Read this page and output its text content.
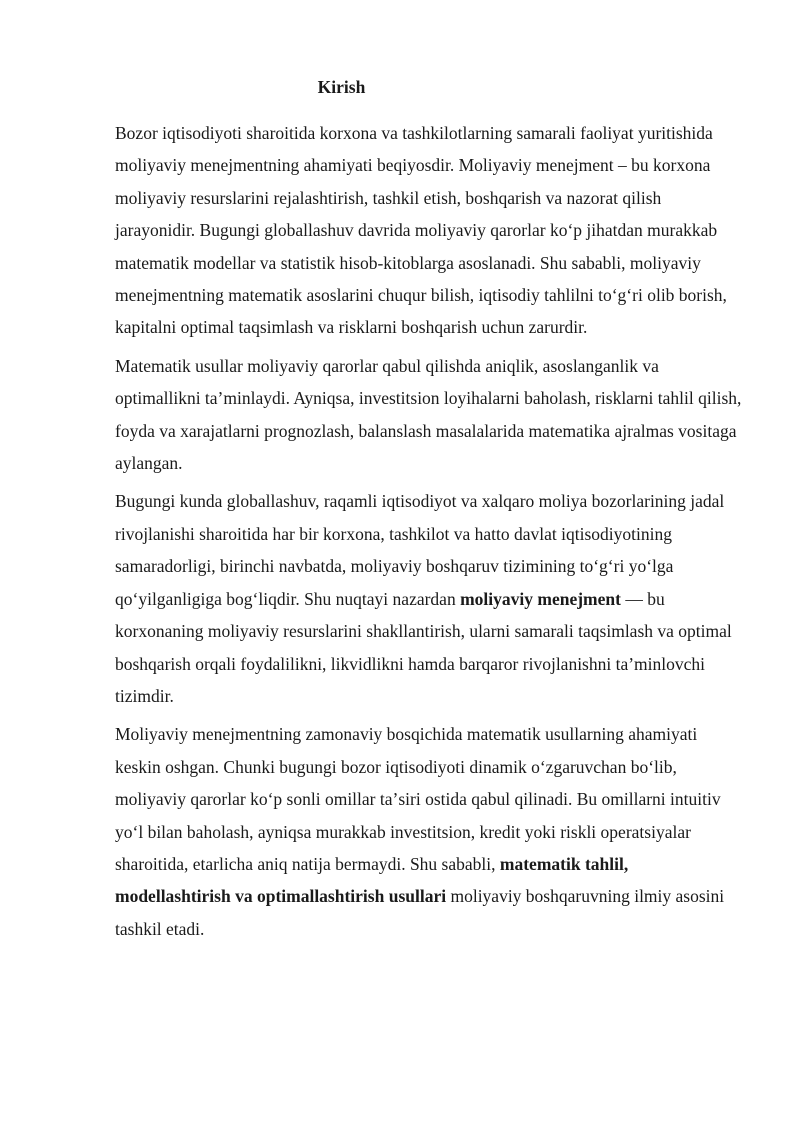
Kirish

Bozor iqtisodiyoti sharoitida korxona va tashkilotlarning samarali faoliyat yuritishida moliyaviy menejmentning ahamiyati beqiyosdir. Moliyaviy menejment – bu korxona moliyaviy resurslarini rejalashtirish, tashkil etish, boshqarish va nazorat qilish jarayonidir. Bugungi globallashuv davrida moliyaviy qarorlar koʻp jihatdan murakkab matematik modellar va statistik hisob-kitoblarga asoslanadi. Shu sababli, moliyaviy menejmentning matematik asoslarini chuqur bilish, iqtisodiy tahlilni toʻgʻri olib borish, kapitalni optimal taqsimlash va risklarni boshqarish uchun zarurdir.

Matematik usullar moliyaviy qarorlar qabul qilishda aniqlik, asoslanganlik va optimallikni taʼminlaydi. Ayniqsa, investitsion loyihalarni baholash, risklarni tahlil qilish, foyda va xarajatlarni prognozlash, balanslash masalalarida matematika ajralmas vositaga aylangan.

Bugungi kunda globallashuv, raqamli iqtisodiyot va xalqaro moliya bozorlarining jadal rivojlanishi sharoitida har bir korxona, tashkilot va hatto davlat iqtisodiyotining samaradorligi, birinchi navbatda, moliyaviy boshqaruv tizimining toʻgʻri yoʻlga qoʻyilganligiga bogʻliqdir. Shu nuqtayi nazardan moliyaviy menejment — bu korxonaning moliyaviy resurslarini shakllantirish, ularni samarali taqsimlash va optimal boshqarish orqali foydalilikni, likvidlikni hamda barqaror rivojlanishni taʼminlovchi tizimdir.

Moliyaviy menejmentning zamonaviy bosqichida matematik usullarning ahamiyati keskin oshgan. Chunki bugungi bozor iqtisodiyoti dinamik oʻzgaruvchan boʻlib, moliyaviy qarorlar koʻp sonli omillar taʼsiri ostida qabul qilinadi. Bu omillarni intuitiv yoʻl bilan baholash, ayniqsa murakkab investitsion, kredit yoki riskli operatsiyalar sharoitida, etarlicha aniq natija bermaydi. Shu sababli, matematik tahlil, modellashtirish va optimallashtirish usullari moliyaviy boshqaruvning ilmiy asosini tashkil etadi.
